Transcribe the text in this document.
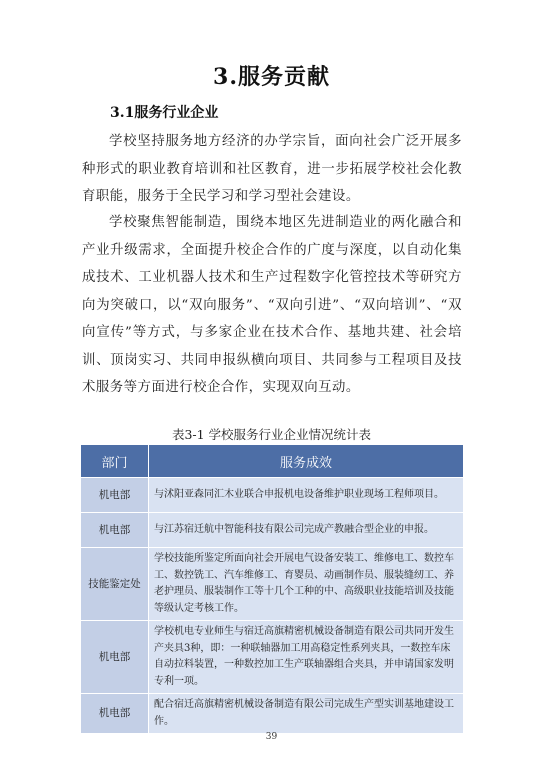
3.服务贡献
3.1服务行业企业

学校坚持服务地方经济的办学宗旨，面向社会广泛开展多种形式的职业教育培训和社区教育，进一步拓展学校社会化教育职能，服务于全民学习和学习型社会建设。

学校聚焦智能制造，围绕本地区先进制造业的两化融合和产业升级需求，全面提升校企合作的广度与深度，以自动化集成技术、工业机器人技术和生产过程数字化管控技术等研究方向为突破口，以“双向服务”、“双向引进”、“双向培训”、“双向宣传”等方式，与多家企业在技术合作、基地共建、社会培训、顶岗实习、共同申报纵横向项目、共同参与工程项目及技术服务等方面进行校企合作，实现双向互动。

表3-1 学校服务行业企业情况统计表
部门	服务成效
机电部	与沭阳亚森同汇木业联合申报机电设备维护职业现场工程师项目。
机电部	与江苏宿迁航中智能科技有限公司完成产教融合型企业的申报。
技能鉴定处	学校技能所鉴定所面向社会开展电气设备安装工、维修电工、数控车工、数控铣工、汽车维修工、育婴员、动画制作员、服装缝纫工、养老护理员、服装制作工等十几个工种的中、高级职业技能培训及技能等级认定考核工作。
机电部	学校机电专业师生与宿迁高旗精密机械设备制造有限公司共同开发生产夹具3种，即：一种联轴器加工用高稳定性系列夹具，一数控车床自动拉料装置，一种数控加工生产联轴器组合夹具，并申请国家发明专利一项。
机电部	配合宿迁高旗精密机械设备制造有限公司完成生产型实训基地建设工作。
39
